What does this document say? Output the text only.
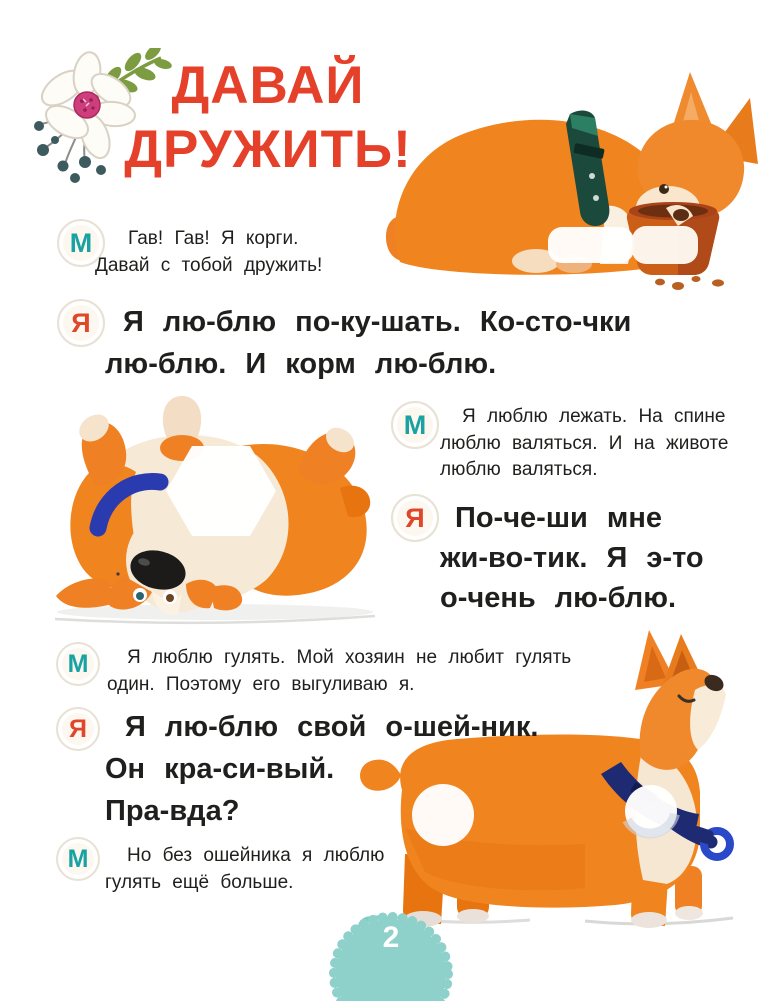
ДАВАЙ
ДРУЖИТЬ!
М	Гав! Гав! Я корги.

Давай с тобой дружить!

Я	Я лю-блю по-ку-шать. Ко-сто-чки

лю-блю. И корм лю-блю.

М	Я люблю лежать. На спине

люблю валяться. И на животе

люблю валяться.

Я	По-че-ши мне

жи-во-тик. Я э-то

о-чень лю-блю.

М	Я люблю гулять. Мой хозяин не любит гулять

один. Поэтому его выгуливаю я.

Я	Я лю-блю свой о-шей-ник.

Он кра-си-вый.

Пра-вда?

М	Но без ошейника я люблю

гулять ещё больше.

2
